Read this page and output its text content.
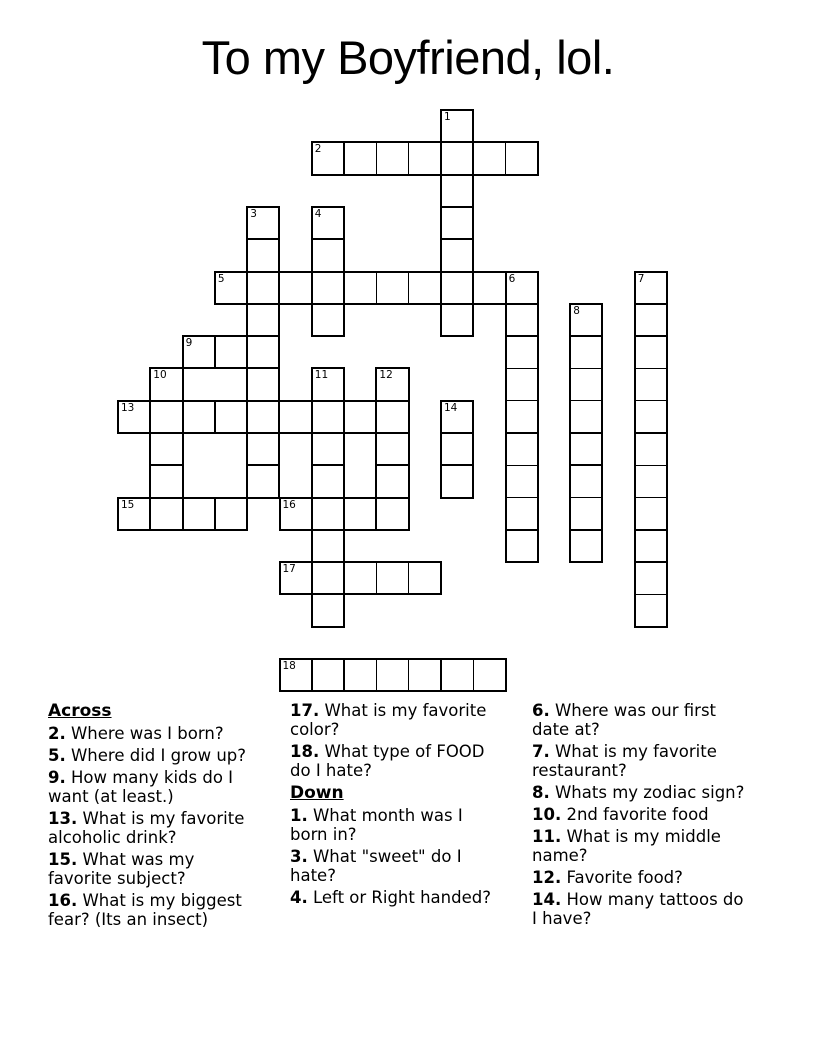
To my Boyfriend, lol.
1
2
3	4
5	6	7
8
9
10	11	12
13	14
15	16
17
18
Across

2. Where was I born?

5. Where did I grow up?

9. How many kids do I want (at least.)

13. What is my favorite alcoholic drink?

15. What was my favorite subject?

16. What is my biggest fear? (Its an insect)

17. What is my favorite color?

18. What type of FOOD do I hate?

Down

1. What month was I born in?

3. What "sweet" do I hate?

4. Left or Right handed?

6. Where was our first date at?

7. What is my favorite restaurant?

8. Whats my zodiac sign?

10. 2nd favorite food

11. What is my middle name?

12. Favorite food?

14. How many tattoos do I have?
